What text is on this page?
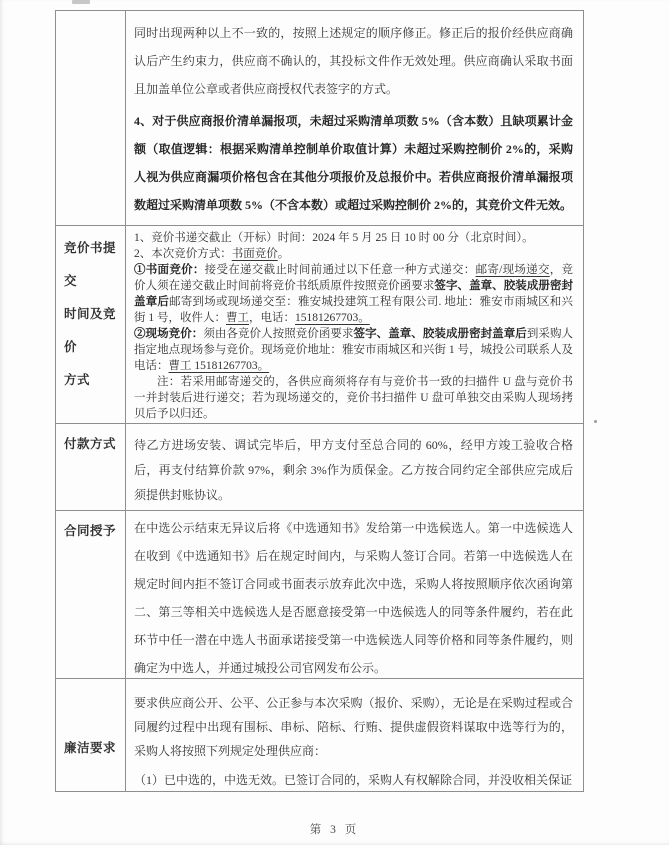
同时出现两种以上不一致的，按照上述规定的顺序修正。修正后的报价经供应商确认后产生约束力，供应商不确认的，其投标文件作无效处理。供应商确认采取书面且加盖单位公章或者供应商授权代表签字的方式。

4、对于供应商报价清单漏报项，未超过采购清单项数 5%（含本数）且缺项累计金额（取值逻辑：根据采购清单控制单价取值计算）未超过采购控制价 2%的，采购人视为供应商漏项价格包含在其他分项报价及总报价中。若供应商报价清单漏报项数超过采购清单项数 5%（不含本数）或超过采购控制价 2%的，其竞价文件无效。

竞价书提交
时间及竞价
方式

1、竞价书递交截止（开标）时间：2024 年 5 月 25 日 10 时 00 分（北京时间）。

2、本次竞价方式：书面竞价。

①书面竞价：接受在递交截止时间前通过以下任意一种方式递交：邮寄/现场递交，竞价人须在递交截止时间前将竞价书纸质原件按照竞价函要求签字、盖章、胶装成册密封盖章后邮寄到场或现场递交至：雅安城投建筑工程有限公司. 地址：雅安市雨城区和兴街 1 号，收件人：曹工，电话：15181267703。

②现场竞价：须由各竞价人按照竞价函要求签字、盖章、胶装成册密封盖章后到采购人指定地点现场参与竞价。现场竞价地址：雅安市雨城区和兴街 1 号，城投公司联系人及电话：曹工 15181267703。

注：若采用邮寄递交的，各供应商须将存有与竞价书一致的扫描件 U 盘与竞价书一并封装后进行递交；若为现场递交的，竞价书扫描件 U 盘可单独交由采购人现场拷贝后予以归还。

付款方式	待乙方进场安装、调试完毕后，甲方支付至总合同的 60%，经甲方竣工验收合格后，再支付结算价款 97%，剩余 3%作为质保金。乙方按合同约定全部供应完成后须提供封账协议。

合同授予	在中选公示结束无异议后将《中选通知书》发给第一中选候选人。第一中选候选人在收到《中选通知书》后在规定时间内，与采购人签订合同。若第一中选候选人在规定时间内拒不签订合同或书面表示放弃此次中选，采购人将按照顺序依次函询第二、第三等相关中选候选人是否愿意接受第一中选候选人的同等条件履约，若在此环节中任一潜在中选人书面承诺接受第一中选候选人同等价格和同等条件履约，则确定为中选人，并通过城投公司官网发布公示。

廉洁要求

要求供应商公开、公平、公正参与本次采购（报价、采购），无论是在采购过程或合同履约过程中出现有围标、串标、陪标、行贿、提供虚假资料谋取中选等行为的，采购人将按照下列规定处理供应商：

（1）已中选的，中选无效。已签订合同的，采购人有权解除合同，并没收相关保证

第 3 页
